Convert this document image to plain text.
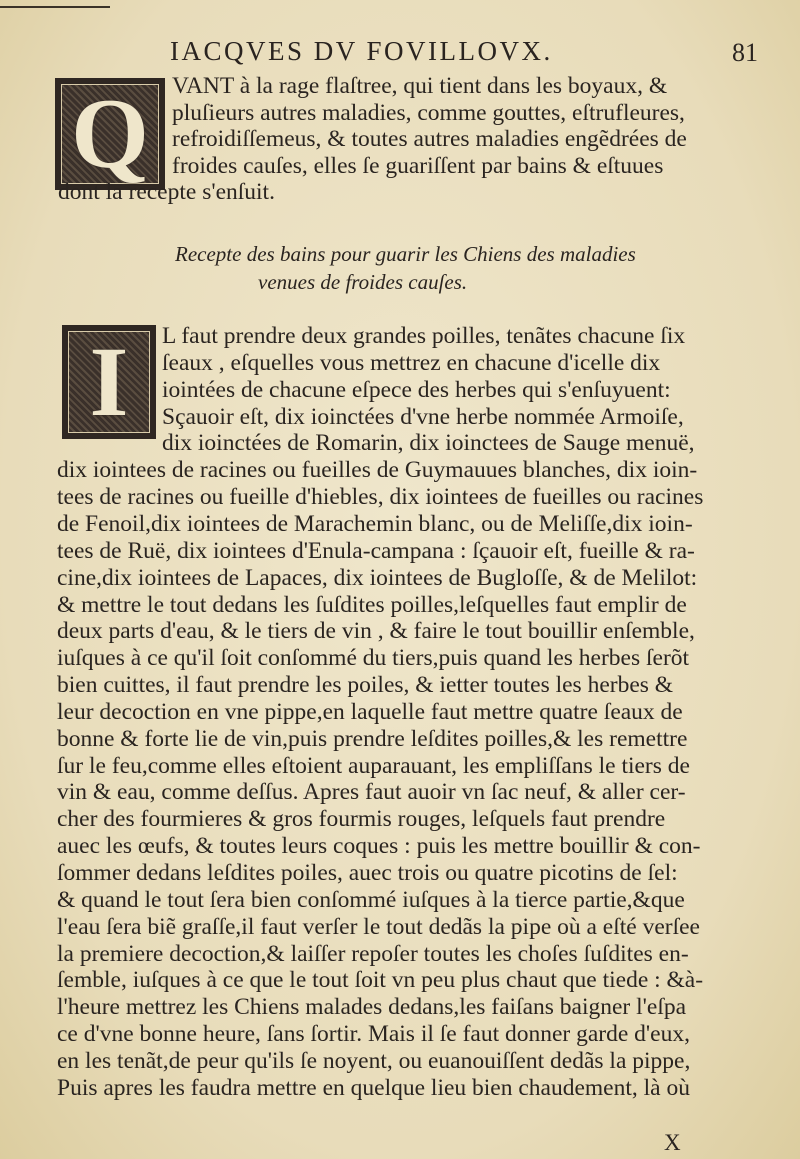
IACQVES DV FOVILLOVX.	81
Q VANT à la rage flaſtree, qui tient dans les boyaux, &
pluſieurs autres maladies, comme gouttes, eſtrufleures,
refroidiſſemeus, & toutes autres maladies engẽdrées de
froides cauſes, elles ſe guariſſent par bains & eſtuues
dont la recepte s'enſuit.
Recepte des bains pour guarir les Chiens des maladies
venues de froides cauſes.
I L faut prendre deux grandes poilles, tenãtes chacune ſix
ſeaux , eſquelles vous mettrez en chacune d'icelle dix
iointées de chacune eſpece des herbes qui s'enſuyuent:
Sçauoir eſt, dix ioinctées d'vne herbe nommée Armoiſe,
dix ioinctées de Romarin, dix ioinctees de Sauge menuë,
dix iointees de racines ou fueilles de Guymauues blanches, dix ioin-
tees de racines ou fueille d'hiebles, dix iointees de fueilles ou racines
de Fenoil,dix iointees de Marachemin blanc, ou de Meliſſe,dix ioin-
tees de Ruë, dix iointees d'Enula-campana : ſçauoir eſt, fueille & ra-
cine,dix iointees de Lapaces, dix iointees de Bugloſſe, & de Melilot:
& mettre le tout dedans les ſuſdites poilles,leſquelles faut emplir de
deux parts d'eau, & le tiers de vin , & faire le tout bouillir enſemble,
iuſques à ce qu'il ſoit conſommé du tiers,puis quand les herbes ſerõt
bien cuittes, il faut prendre les poiles, & ietter toutes les herbes &
leur decoction en vne pippe,en laquelle faut mettre quatre ſeaux de
bonne & forte lie de vin,puis prendre leſdites poilles,& les remettre
ſur le feu,comme elles eſtoient auparauant, les empliſſans le tiers de
vin & eau, comme deſſus. Apres faut auoir vn ſac neuf, & aller cer-
cher des fourmieres & gros fourmis rouges, leſquels faut prendre
auec les œufs, & toutes leurs coques : puis les mettre bouillir & con-
ſommer dedans leſdites poiles, auec trois ou quatre picotins de ſel:
& quand le tout ſera bien conſommé iuſques à la tierce partie,&que
l'eau ſera biẽ graſſe,il faut verſer le tout dedãs la pipe où a eſté verſee
la premiere decoction,& laiſſer repoſer toutes les choſes ſuſdites en-
ſemble, iuſques à ce que le tout ſoit vn peu plus chaut que tiede : &à-
l'heure mettrez les Chiens malades dedans,les faiſans baigner l'eſpa
ce d'vne bonne heure, ſans ſortir. Mais il ſe faut donner garde d'eux,
en les tenãt,de peur qu'ils ſe noyent, ou euanouiſſent dedãs la pippe,
Puis apres les faudra mettre en quelque lieu bien chaudement, là où
X
